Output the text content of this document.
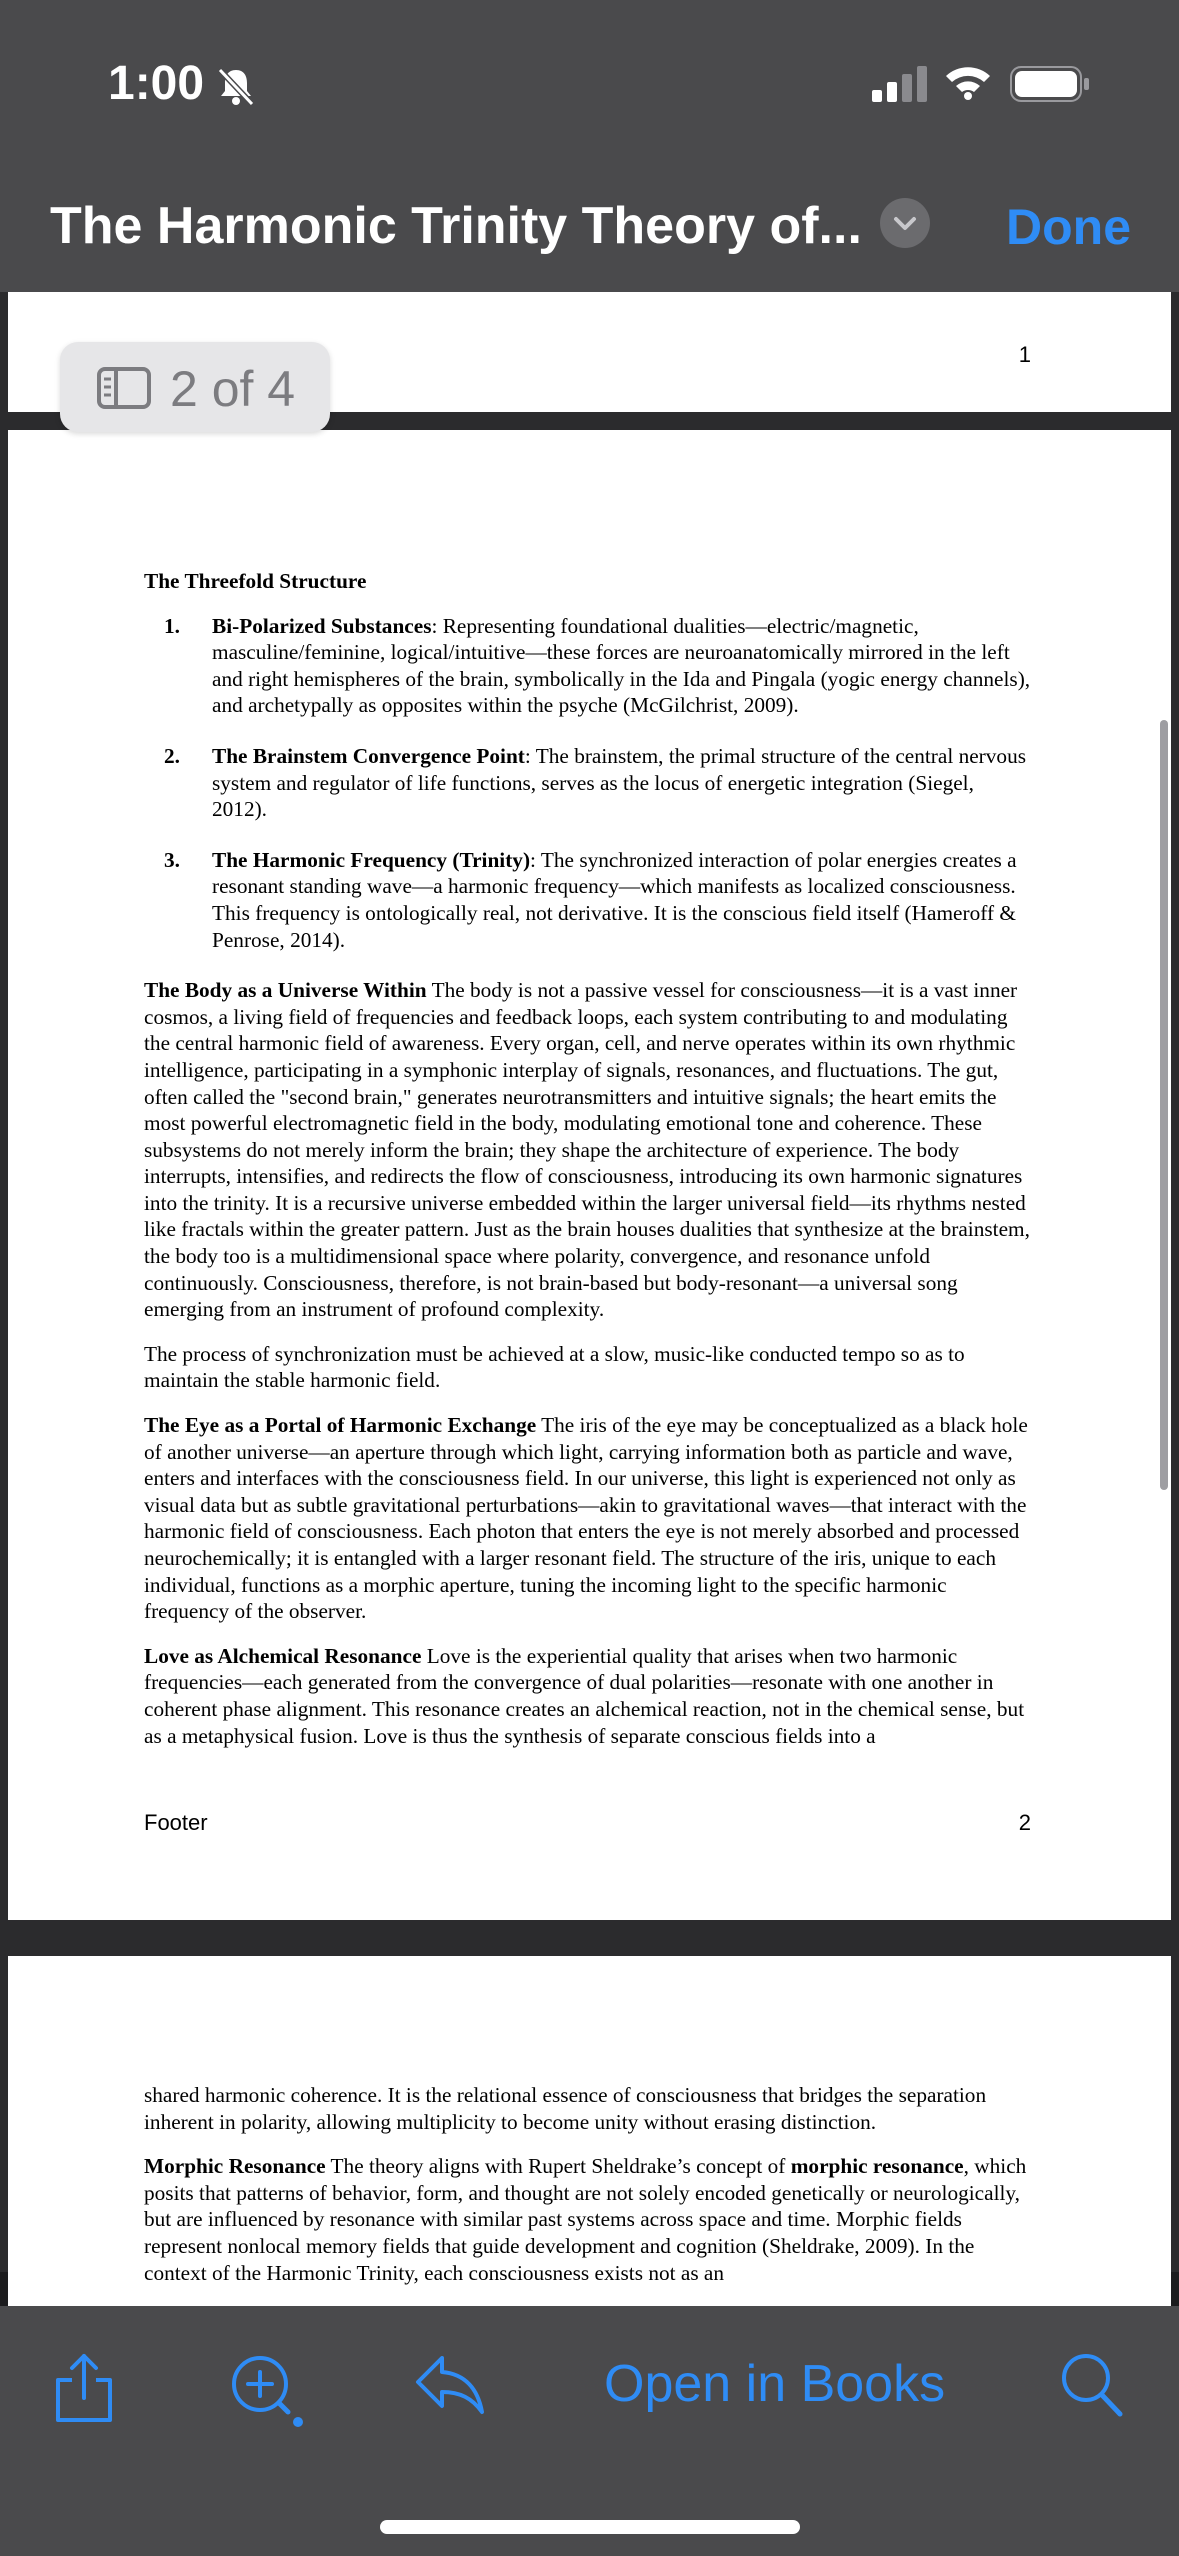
1:00
The Harmonic Trinity Theory of...	Done
1
The Threefold Structure
1. Bi-Polarized Substances: Representing foundational dualities—electric/magnetic, masculine/feminine, logical/intuitive—these forces are neuroanatomically mirrored in the left and right hemispheres of the brain, symbolically in the Ida and Pingala (yogic energy channels), and archetypally as opposites within the psyche (McGilchrist, 2009).
2. The Brainstem Convergence Point: The brainstem, the primal structure of the central nervous system and regulator of life functions, serves as the locus of energetic integration (Siegel, 2012).
3. The Harmonic Frequency (Trinity): The synchronized interaction of polar energies creates a resonant standing wave—a harmonic frequency—which manifests as localized consciousness. This frequency is ontologically real, not derivative. It is the conscious field itself (Hameroff & Penrose, 2014).

The Body as a Universe Within The body is not a passive vessel for consciousness—it is a vast inner cosmos, a living field of frequencies and feedback loops, each system contributing to and modulating the central harmonic field of awareness. Every organ, cell, and nerve operates within its own rhythmic intelligence, participating in a symphonic interplay of signals, resonances, and fluctuations. The gut, often called the "second brain," generates neurotransmitters and intuitive signals; the heart emits the most powerful electromagnetic field in the body, modulating emotional tone and coherence. These subsystems do not merely inform the brain; they shape the architecture of experience. The body interrupts, intensifies, and redirects the flow of consciousness, introducing its own harmonic signatures into the trinity. It is a recursive universe embedded within the larger universal field—its rhythms nested like fractals within the greater pattern. Just as the brain houses dualities that synthesize at the brainstem, the body too is a multidimensional space where polarity, convergence, and resonance unfold continuously. Consciousness, therefore, is not brain-based but body-resonant—a universal song emerging from an instrument of profound complexity.

The process of synchronization must be achieved at a slow, music-like conducted tempo so as to maintain the stable harmonic field.

The Eye as a Portal of Harmonic Exchange The iris of the eye may be conceptualized as a black hole of another universe—an aperture through which light, carrying information both as particle and wave, enters and interfaces with the consciousness field. In our universe, this light is experienced not only as visual data but as subtle gravitational perturbations—akin to gravitational waves—that interact with the harmonic field of consciousness. Each photon that enters the eye is not merely absorbed and processed neurochemically; it is entangled with a larger resonant field. The structure of the iris, unique to each individual, functions as a morphic aperture, tuning the incoming light to the specific harmonic frequency of the observer.

Love as Alchemical Resonance Love is the experiential quality that arises when two harmonic frequencies—each generated from the convergence of dual polarities—resonate with one another in coherent phase alignment. This resonance creates an alchemical reaction, not in the chemical sense, but as a metaphysical fusion. Love is thus the synthesis of separate conscious fields into a

Footer	2

shared harmonic coherence. It is the relational essence of consciousness that bridges the separation inherent in polarity, allowing multiplicity to become unity without erasing distinction.

Morphic Resonance The theory aligns with Rupert Sheldrake’s concept of morphic resonance, which posits that patterns of behavior, form, and thought are not solely encoded genetically or neurologically, but are influenced by resonance with similar past systems across space and time. Morphic fields represent nonlocal memory fields that guide development and cognition (Sheldrake, 2009). In the context of the Harmonic Trinity, each consciousness exists not as an

2 of 4
Open in Books
